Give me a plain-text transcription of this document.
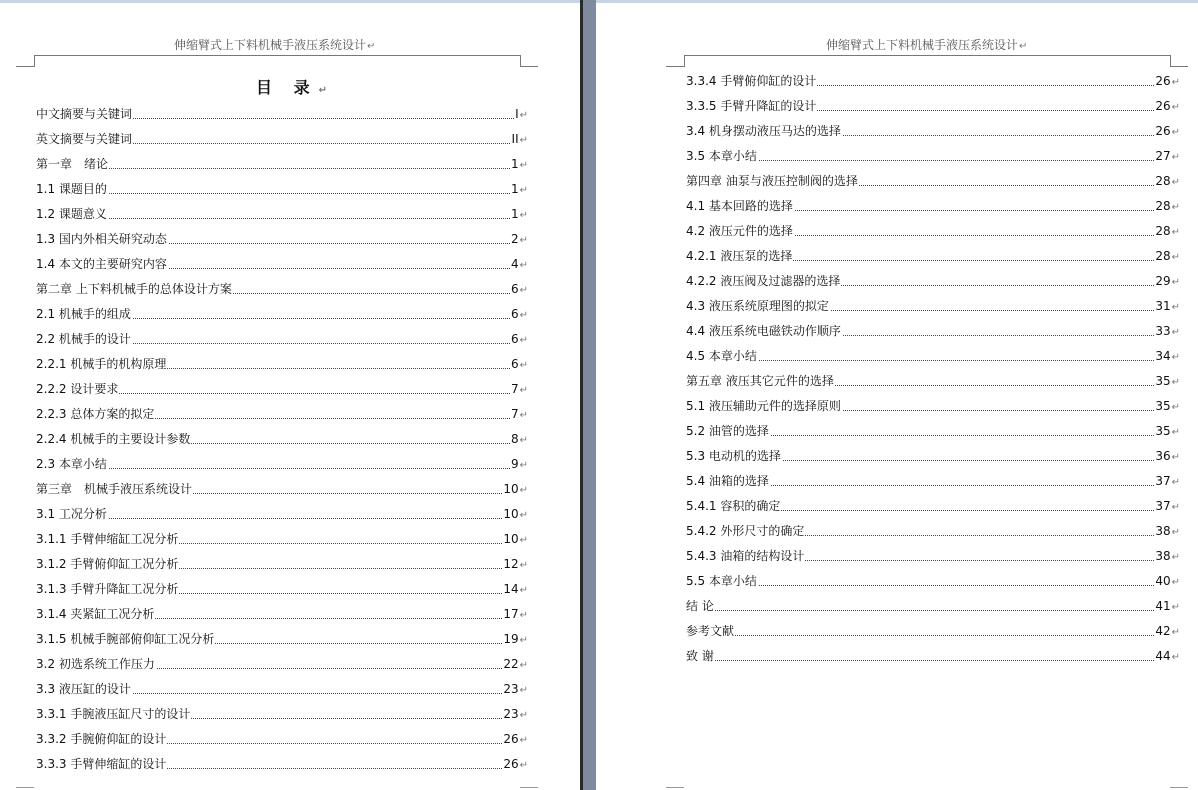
伸缩臂式上下料机械手液压系统设计↵
目 录↵
中文摘要与关键词	I↵
英文摘要与关键词	II↵
第一章　绪论	1↵
1.1 课题目的	1↵
1.2 课题意义	1↵
1.3 国内外相关研究动态	2↵
1.4 本文的主要研究内容	4↵
第二章 上下料机械手的总体设计方案	6↵
2.1 机械手的组成	6↵
2.2 机械手的设计	6↵
2.2.1 机械手的机构原理	6↵
2.2.2 设计要求	7↵
2.2.3 总体方案的拟定	7↵
2.2.4 机械手的主要设计参数	8↵
2.3 本章小结	9↵
第三章　机械手液压系统设计	10↵
3.1 工况分析	10↵
3.1.1 手臂伸缩缸工况分析	10↵
3.1.2 手臂俯仰缸工况分析	12↵
3.1.3 手臂升降缸工况分析	14↵
3.1.4 夹紧缸工况分析	17↵
3.1.5 机械手腕部俯仰缸工况分析	19↵
3.2 初选系统工作压力	22↵
3.3 液压缸的设计	23↵
3.3.1 手腕液压缸尺寸的设计	23↵
3.3.2 手腕俯仰缸的设计	26↵
3.3.3 手臂伸缩缸的设计	26↵
伸缩臂式上下料机械手液压系统设计↵
3.3.4 手臂俯仰缸的设计	26↵
3.3.5 手臂升降缸的设计	26↵
3.4 机身摆动液压马达的选择	26↵
3.5 本章小结	27↵
第四章 油泵与液压控制阀的选择	28↵
4.1 基本回路的选择	28↵
4.2 液压元件的选择	28↵
4.2.1 液压泵的选择	28↵
4.2.2 液压阀及过滤器的选择	29↵
4.3 液压系统原理图的拟定	31↵
4.4 液压系统电磁铁动作顺序	33↵
4.5 本章小结	34↵
第五章 液压其它元件的选择	35↵
5.1 液压辅助元件的选择原则	35↵
5.2 油管的选择	35↵
5.3 电动机的选择	36↵
5.4 油箱的选择	37↵
5.4.1 容积的确定	37↵
5.4.2 外形尺寸的确定	38↵
5.4.3 油箱的结构设计	38↵
5.5 本章小结	40↵
结 论	41↵
参考文献	42↵
致 谢	44↵
